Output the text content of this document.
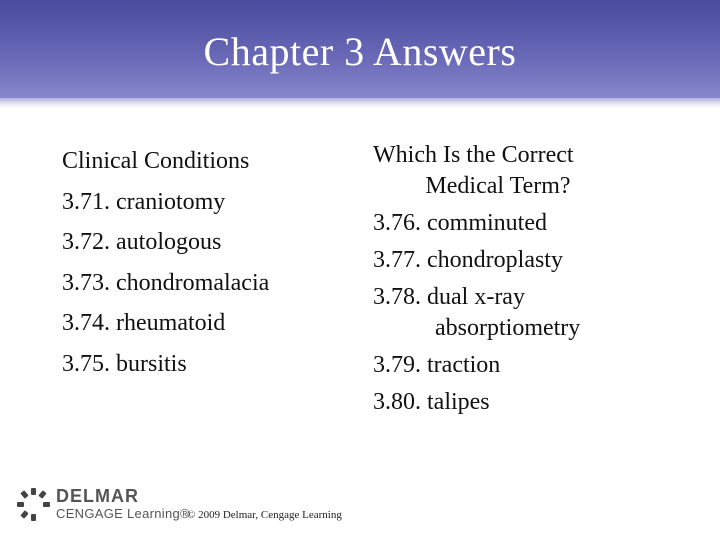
Chapter 3 Answers
Clinical Conditions
3.71. craniotomy
3.72. autologous
3.73. chondromalacia
3.74. rheumatoid
3.75. bursitis
Which Is the Correct
Medical Term?
3.76. comminuted
3.77. chondroplasty
3.78. dual x-ray
absorptiometry
3.79. traction
3.80. talipes
DELMAR
CENGAGE Learning®
© 2009 Delmar, Cengage Learning
